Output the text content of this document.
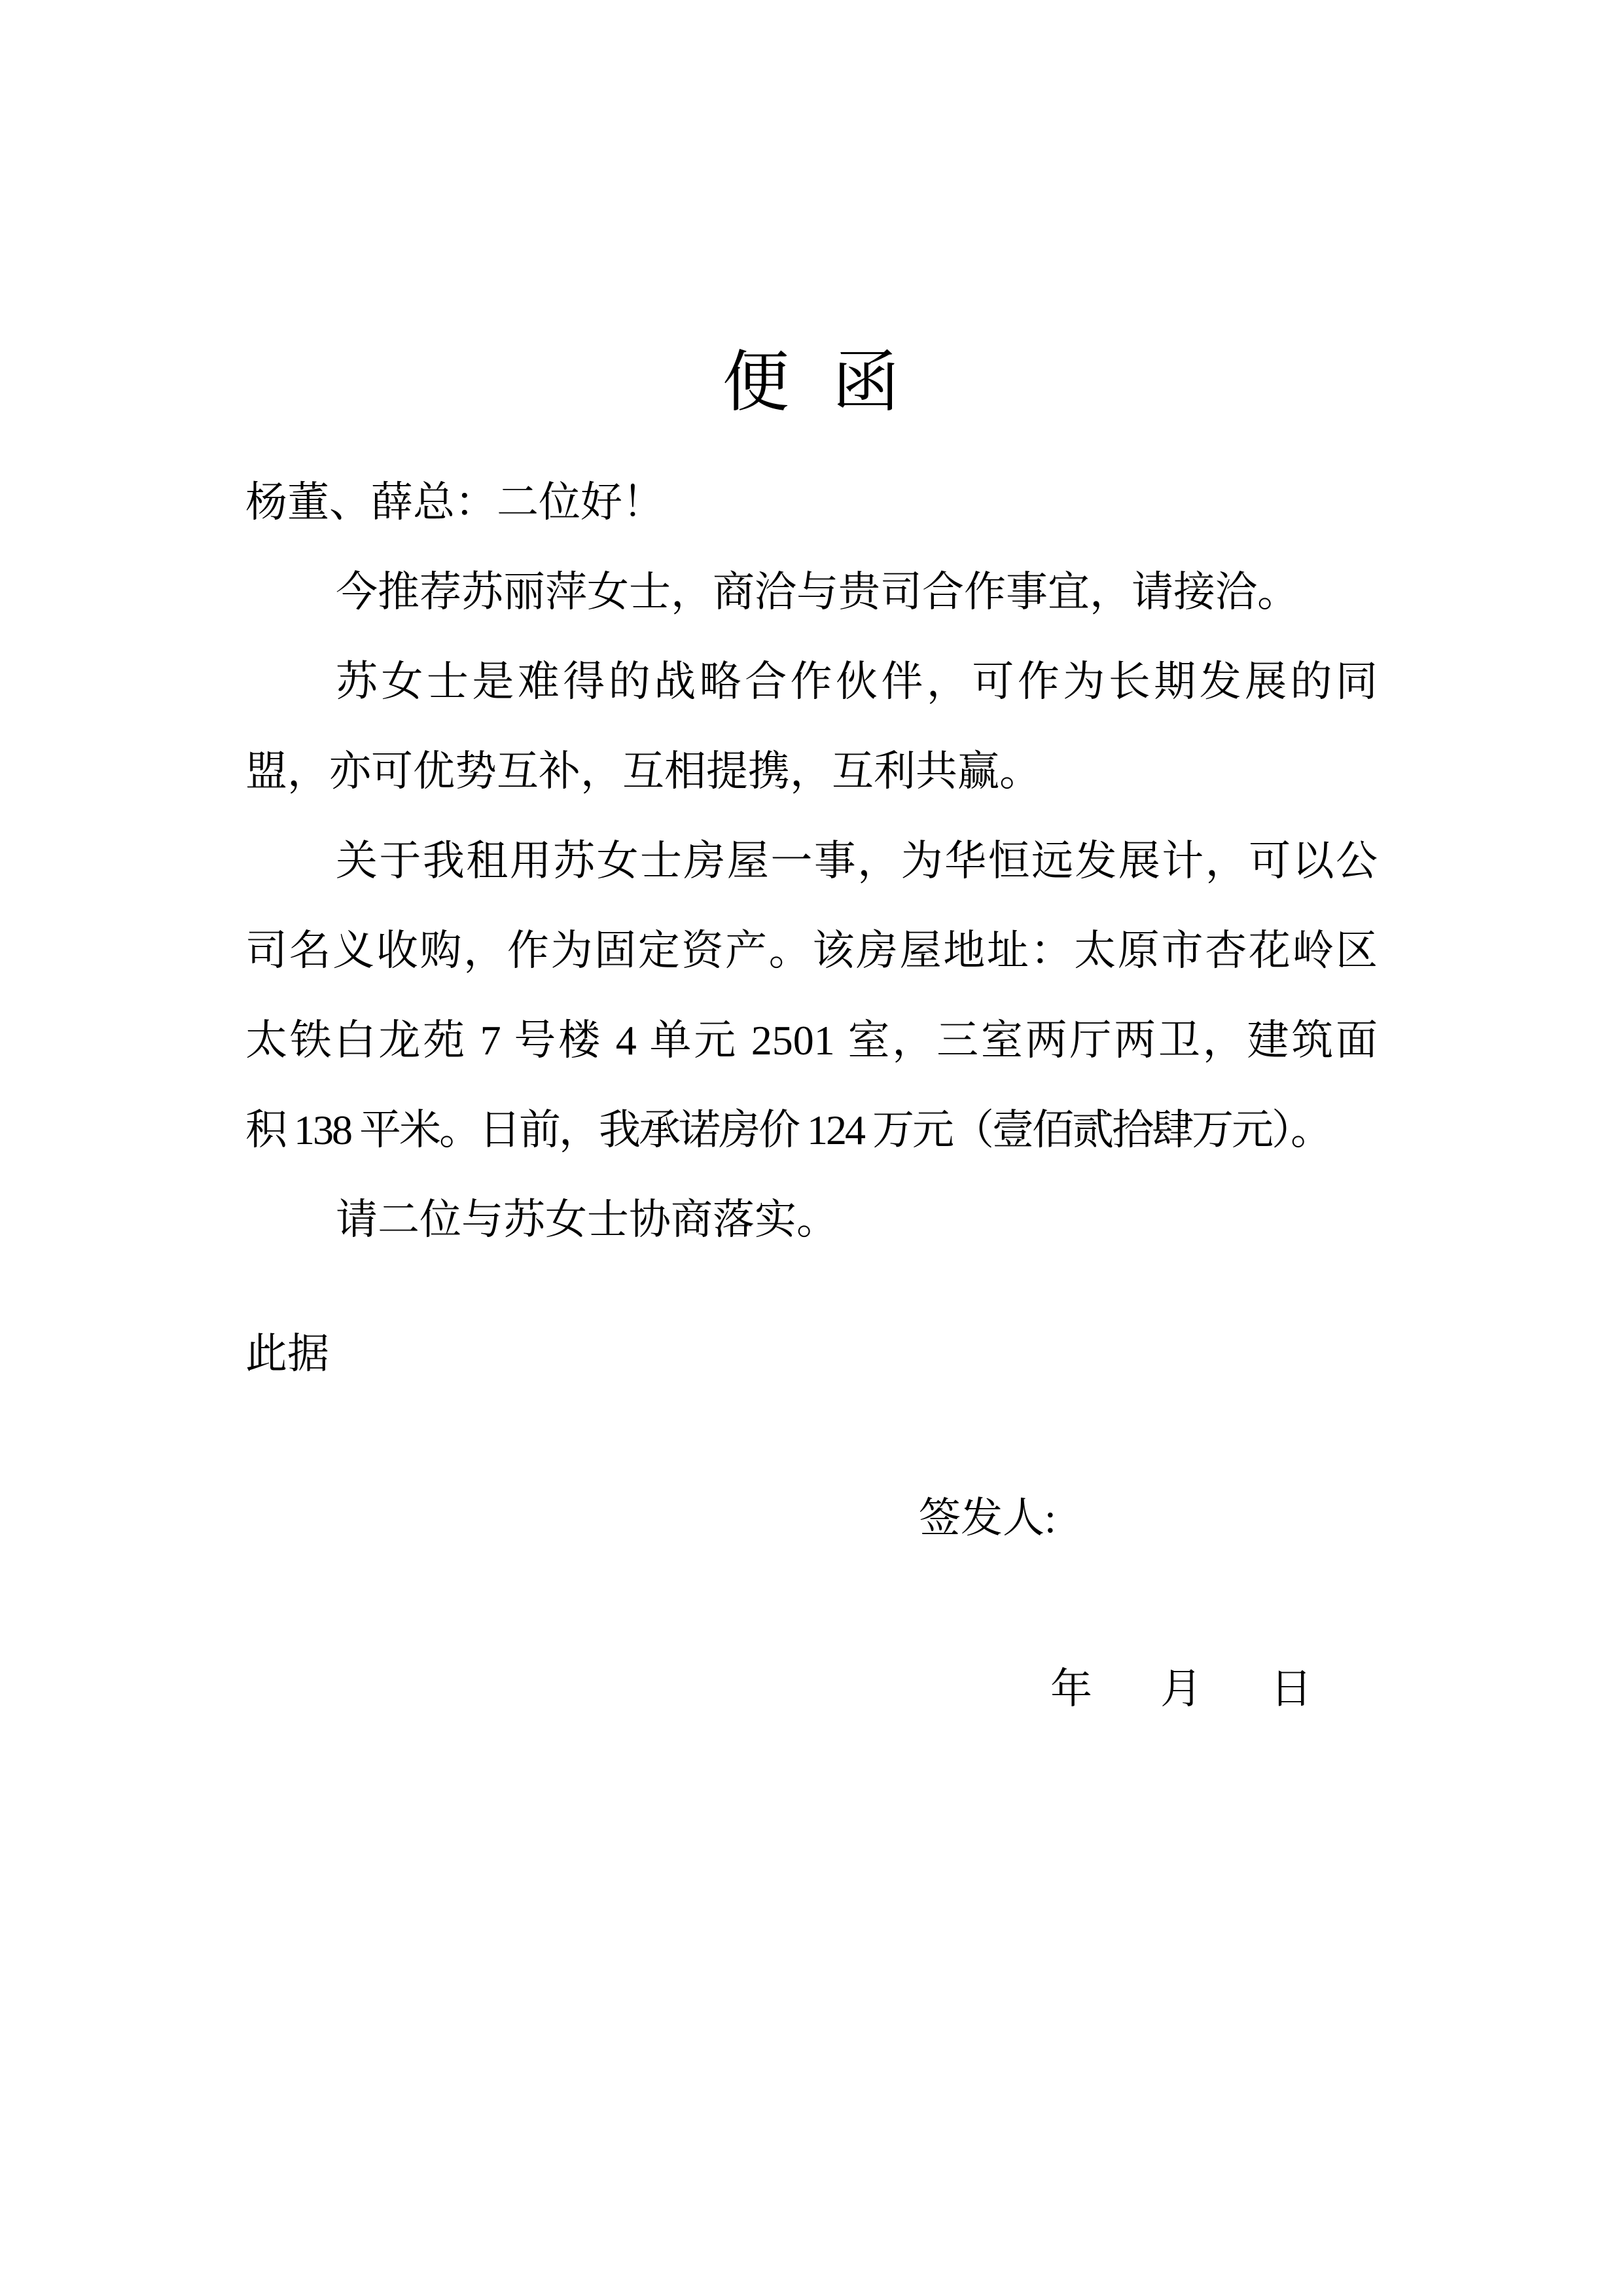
便 函
杨董、薛总：二位好！
今推荐苏丽萍女士，商洽与贵司合作事宜，请接洽。
苏女士是难得的战略合作伙伴，可作为长期发展的同
盟，亦可优势互补，互相提携，互利共赢。
关于我租用苏女士房屋一事，为华恒远发展计，可以公
司名义收购，作为固定资产。该房屋地址：太原市杏花岭区
太铁白龙苑 7 号楼 4 单元 2501 室，三室两厅两卫，建筑面
积 138 平米。日前，我承诺房价 124 万元（壹佰贰拾肆万元）。
请二位与苏女士协商落实。
此据
签发人:
年 月 日
